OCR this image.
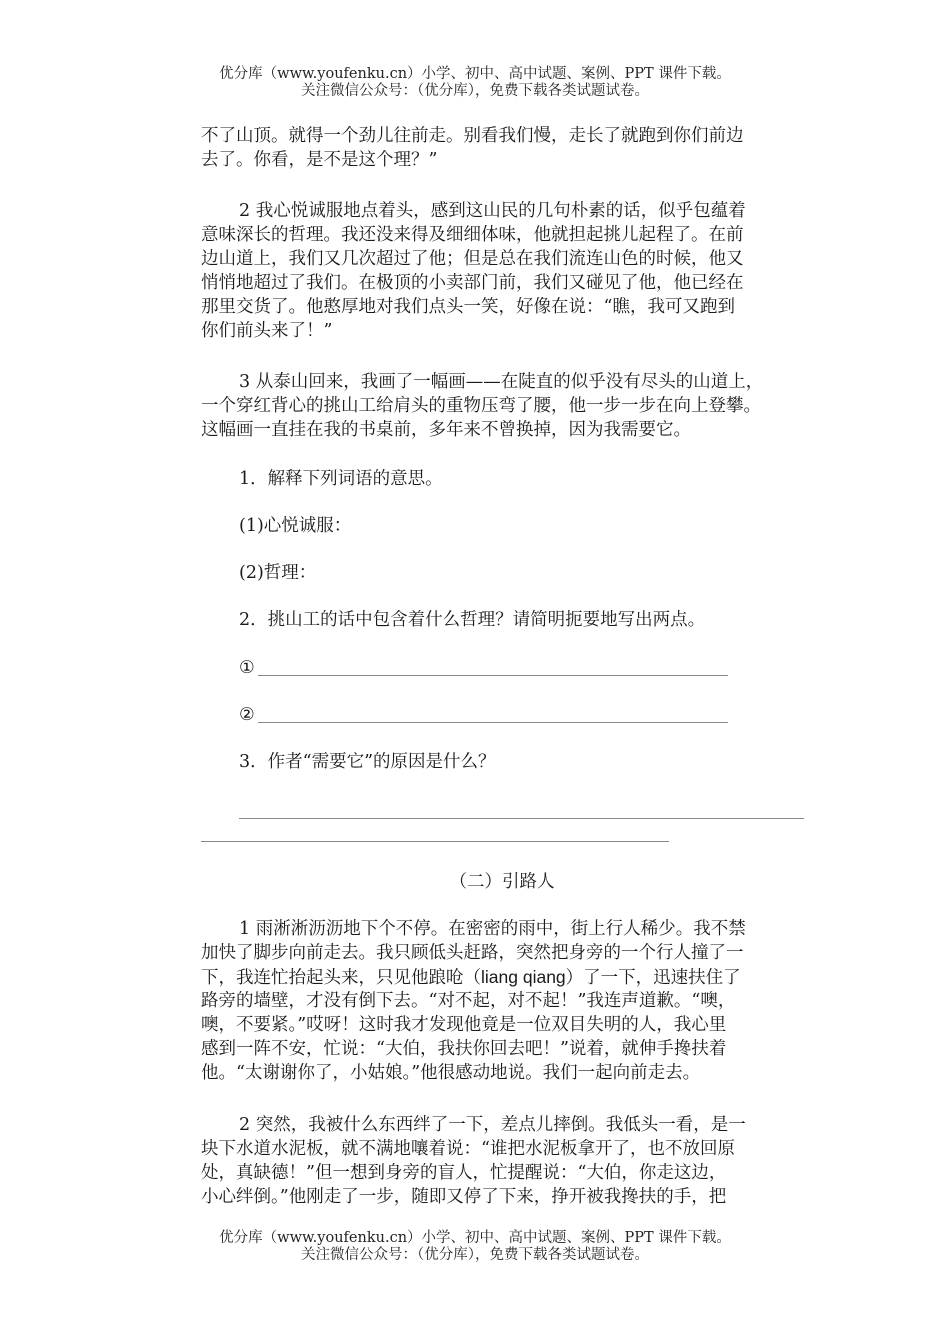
优分库（www.youfenku.cn）小学、初中、高中试题、案例、PPT 课件下载。
关注微信公众号：（优分库），免费下载各类试题试卷。
不了山顶。就得一个劲儿往前走。别看我们慢，走长了就跑到你们前边
去了。你看，是不是这个理？”
2 我心悦诚服地点着头，感到这山民的几句朴素的话，似乎包蕴着
意味深长的哲理。我还没来得及细细体味，他就担起挑儿起程了。在前
边山道上，我们又几次超过了他；但是总在我们流连山色的时候，他又
悄悄地超过了我们。在极顶的小卖部门前，我们又碰见了他，他已经在
那里交货了。他憨厚地对我们点头一笑，好像在说：“瞧，我可又跑到
你们前头来了！”
3 从泰山回来，我画了一幅画——在陡直的似乎没有尽头的山道上，
一个穿红背心的挑山工给肩头的重物压弯了腰，他一步一步在向上登攀。
这幅画一直挂在我的书桌前，多年来不曾换掉，因为我需要它。
1．解释下列词语的意思。
(1)心悦诚服：
(2)哲理：
2．挑山工的话中包含着什么哲理？请简明扼要地写出两点。
①
②
3．作者“需要它”的原因是什么？
（二）引路人
1 雨淅淅沥沥地下个不停。在密密的雨中，街上行人稀少。我不禁
加快了脚步向前走去。我只顾低头赶路，突然把身旁的一个行人撞了一
下，我连忙抬起头来，只见他踉呛（liang qiang）了一下，迅速扶住了
路旁的墙壁，才没有倒下去。“对不起，对不起！”我连声道歉。“噢，
噢，不要紧。”哎呀！这时我才发现他竟是一位双目失明的人，我心里
感到一阵不安，忙说：“大伯，我扶你回去吧！”说着，就伸手搀扶着
他。“太谢谢你了，小姑娘。”他很感动地说。我们一起向前走去。
2 突然，我被什么东西绊了一下，差点儿摔倒。我低头一看，是一
块下水道水泥板，就不满地嚷着说：“谁把水泥板拿开了，也不放回原
处，真缺德！”但一想到身旁的盲人，忙提醒说：“大伯，你走这边，
小心绊倒。”他刚走了一步，随即又停了下来，挣开被我搀扶的手，把
优分库（www.youfenku.cn）小学、初中、高中试题、案例、PPT 课件下载。
关注微信公众号：（优分库），免费下载各类试题试卷。
